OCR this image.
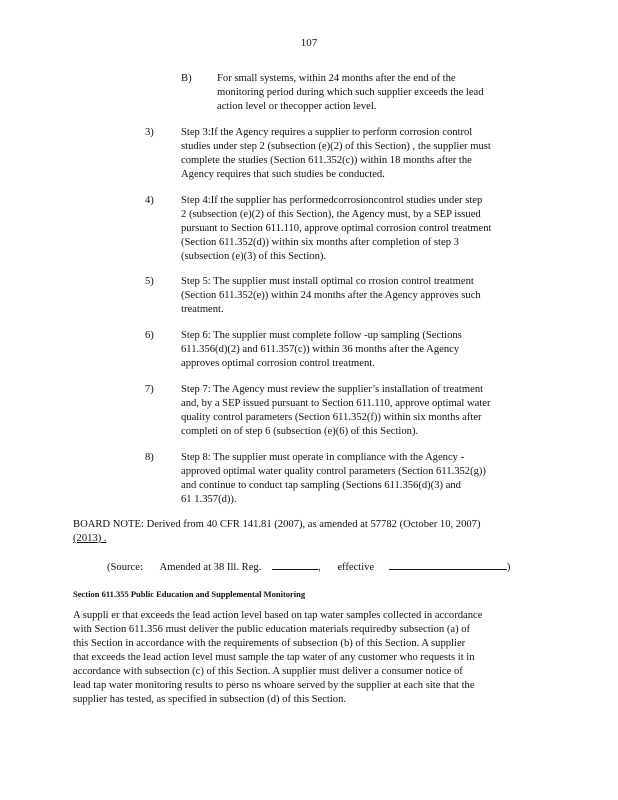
107
B) For small systems, within 24 months after the end of the
monitoring period during which such supplier exceeds the lead
action level or thecopper action level.
3)	Step 3:If the Agency requires a supplier to perform corrosion control
studies under step 2 (subsection (e)(2) of this Section) , the supplier must
complete the studies (Section 611.352(c)) within 18 months after the
Agency requires that such studies be conducted.
4)	Step 4:If the supplier has performedcorrosioncontrol studies under step
2 (subsection (e)(2) of this Section), the Agency must, by a SEP issued
pursuant to Section 611.110, approve optimal corrosion control treatment
(Section 611.352(d)) within six months after completion of step 3
(subsection (e)(3) of this Section).
5)	Step 5: The supplier must install optimal co rrosion control treatment
(Section 611.352(e)) within 24 months after the Agency approves such
treatment.
6)	Step 6: The supplier must complete follow -up sampling (Sections
611.356(d)(2) and 611.357(c)) within 36 months after the Agency
approves optimal corrosion control treatment.
7)	Step 7: The Agency must review the supplier’s installation of treatment
and, by a SEP issued pursuant to Section 611.110, approve optimal water
quality control parameters (Section 611.352(f)) within six months after
completi on of step 6 (subsection (e)(6) of this Section).
8)	Step 8: The supplier must operate in compliance with the Agency -
approved optimal water quality control parameters (Section 611.352(g))
and continue to conduct tap sampling (Sections 611.356(d)(3) and
61 1.357(d)).
BOARD NOTE: Derived from 40 CFR 141.81 (2007), as amended at 57782 (October 10, 2007)
(2013) .
(Source: Amended at 38 Ill. Reg.	, effective	)
Section 611.355 Public Education and Supplemental Monitoring
A suppli er that exceeds the lead action level based on tap water samples collected in accordance
with Section 611.356 must deliver the public education materials requiredby subsection (a) of
this Section in accordance with the requirements of subsection (b) of this Section. A supplier
that exceeds the lead action level must sample the tap water of any customer who requests it in
accordance with subsection (c) of this Section. A supplier must deliver a consumer notice of
lead tap water monitoring results to perso ns whoare served by the supplier at each site that the
supplier has tested, as specified in subsection (d) of this Section.
